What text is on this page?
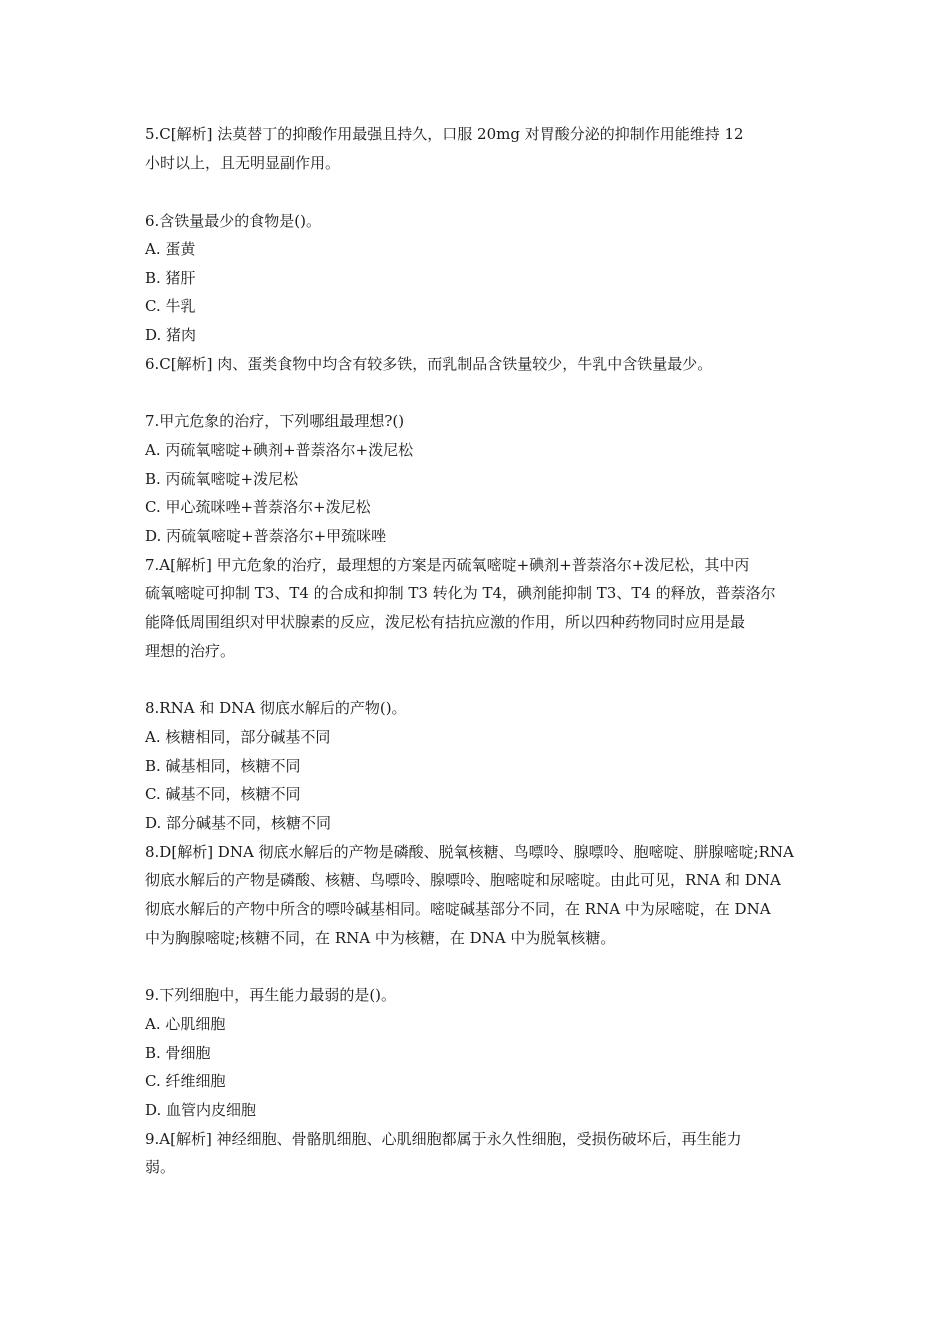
5.C[解析] 法莫替丁的抑酸作用最强且持久，口服 20mg 对胃酸分泌的抑制作用能维持 12
小时以上，且无明显副作用。
6.含铁量最少的食物是()。
A. 蛋黄
B. 猪肝
C. 牛乳
D. 猪肉
6.C[解析] 肉、蛋类食物中均含有较多铁，而乳制品含铁量较少，牛乳中含铁量最少。
7.甲亢危象的治疗，下列哪组最理想?()
A. 丙硫氧嘧啶+碘剂+普萘洛尔+泼尼松
B. 丙硫氧嘧啶+泼尼松
C. 甲心巯咪唑+普萘洛尔+泼尼松
D. 丙硫氧嘧啶+普萘洛尔+甲巯咪唑
7.A[解析] 甲亢危象的治疗，最理想的方案是丙硫氧嘧啶+碘剂+普萘洛尔+泼尼松，其中丙
硫氧嘧啶可抑制 T3、T4 的合成和抑制 T3 转化为 T4，碘剂能抑制 T3、T4 的释放，普萘洛尔
能降低周围组织对甲状腺素的反应，泼尼松有拮抗应激的作用，所以四种药物同时应用是最
理想的治疗。
8.RNA 和 DNA 彻底水解后的产物()。
A. 核糖相同，部分碱基不同
B. 碱基相同，核糖不同
C. 碱基不同，核糖不同
D. 部分碱基不同，核糖不同
8.D[解析] DNA 彻底水解后的产物是磷酸、脱氧核糖、鸟嘌呤、腺嘌呤、胞嘧啶、胼腺嘧啶;RNA
彻底水解后的产物是磷酸、核糖、鸟嘌呤、腺嘌呤、胞嘧啶和尿嘧啶。由此可见，RNA 和 DNA
彻底水解后的产物中所含的嘌呤碱基相同。嘧啶碱基部分不同，在 RNA 中为尿嘧啶，在 DNA
中为胸腺嘧啶;核糖不同，在 RNA 中为核糖，在 DNA 中为脱氧核糖。
9.下列细胞中，再生能力最弱的是()。
A. 心肌细胞
B. 骨细胞
C. 纤维细胞
D. 血管内皮细胞
9.A[解析] 神经细胞、骨骼肌细胞、心肌细胞都属于永久性细胞，受损伤破坏后，再生能力
弱。
